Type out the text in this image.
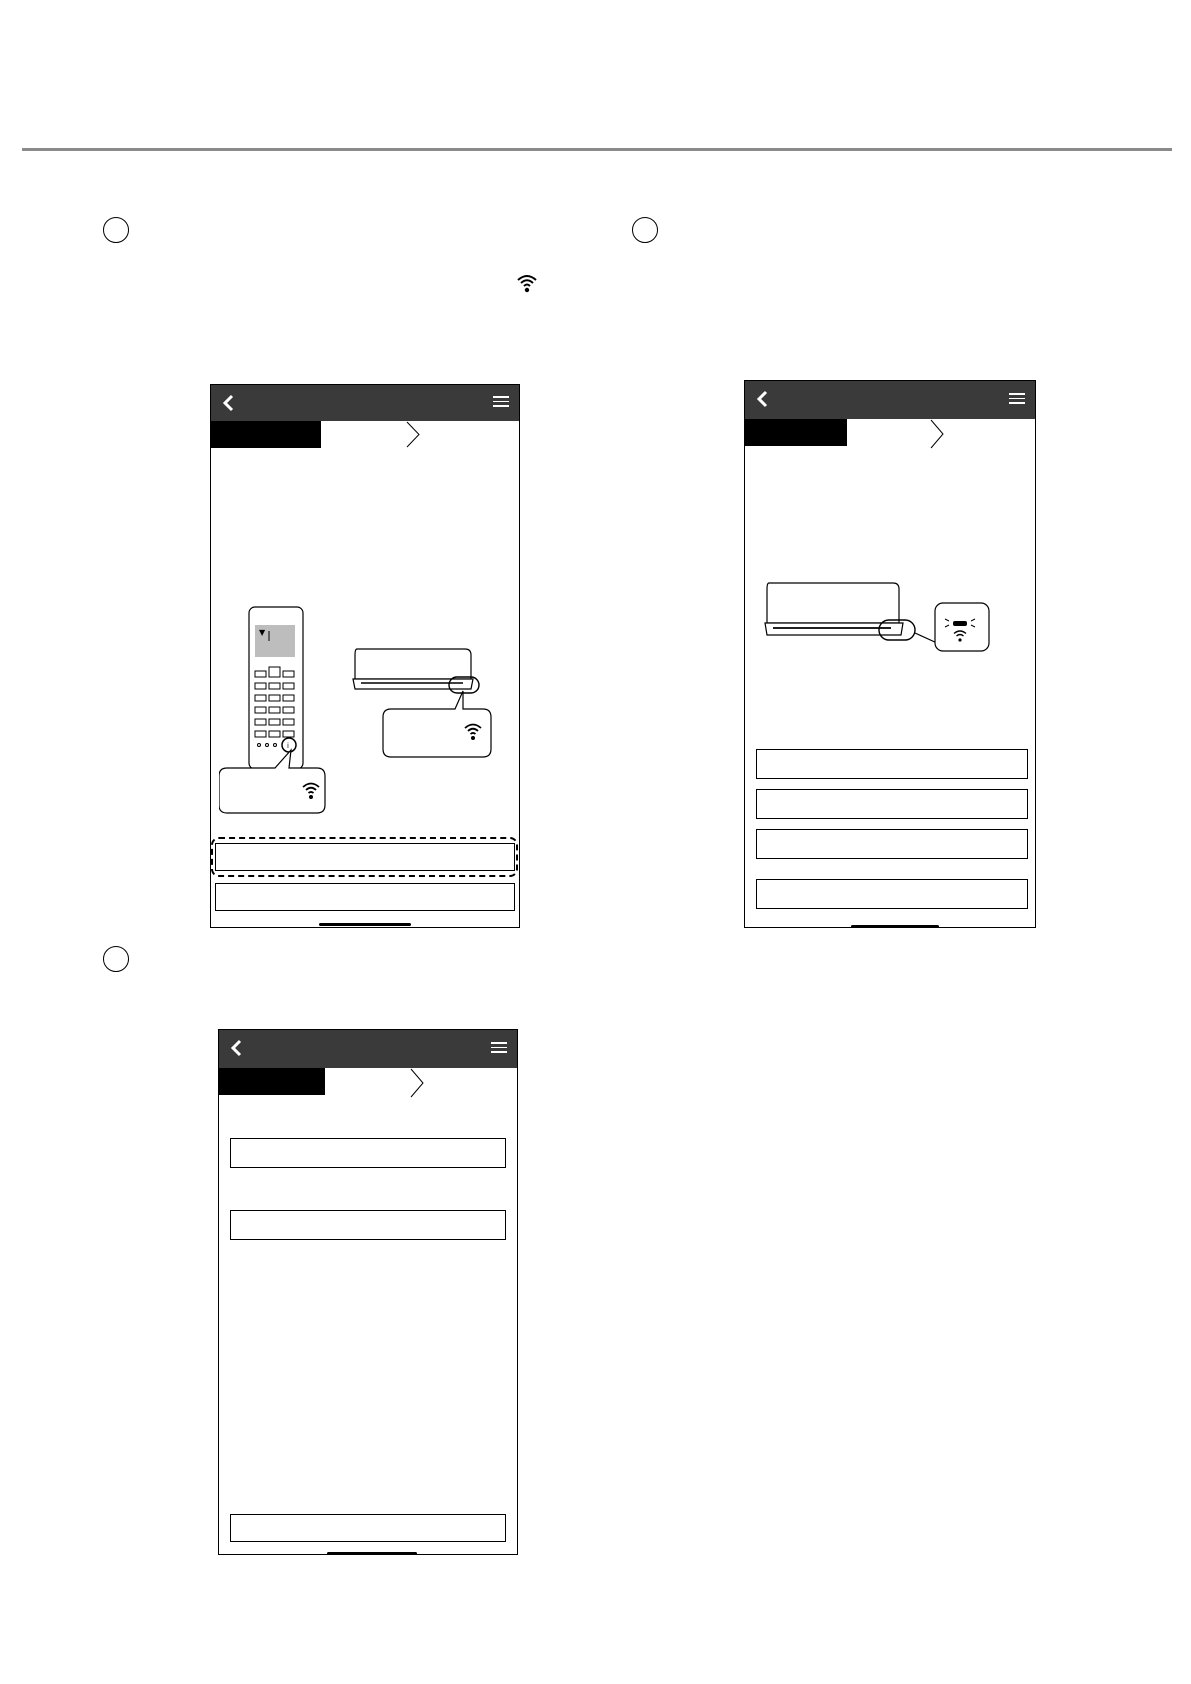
▼
i
